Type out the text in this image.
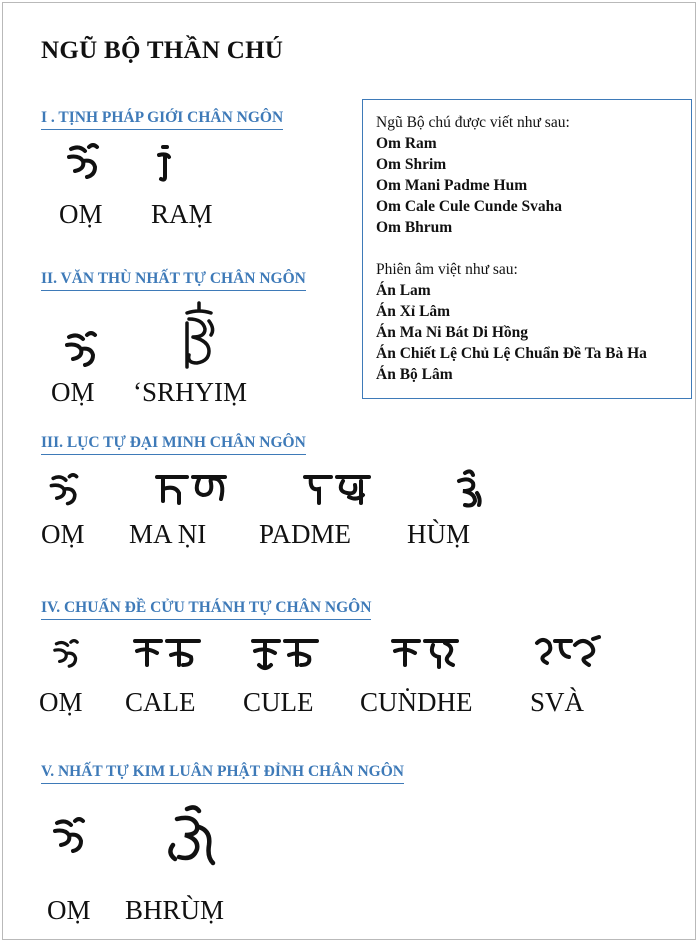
NGŨ BỘ THẦN CHÚ
I . TỊNH PHÁP GIỚI CHÂN NGÔN
OṂ RAṂ
II. VĂN THÙ NHẤT TỰ CHÂN NGÔN
OṂ ‘SRHYIṂ
Ngũ Bộ chú được viết như sau:
Om Ram
Om Shrim
Om Mani Padme Hum
Om Cale Cule Cunde Svaha
Om Bhrum
Phiên âm việt như sau:
Án Lam
Án Xỉ Lâm
Án Ma Ni Bát Di Hồng
Án Chiết Lệ Chủ Lệ Chuẩn Đề Ta Bà Ha
Án Bộ Lâm
III. LỤC TỰ ĐẠI MINH CHÂN NGÔN
OṂ MA ṆI PADME HÙṂ
IV. CHUẨN ĐỀ CỬU THÁNH TỰ CHÂN NGÔN
OṂ CALE CULE CUṄDHE SVÀ
V. NHẤT TỰ KIM LUÂN PHẬT ĐỈNH CHÂN NGÔN
OṂ BHRÙṂ
